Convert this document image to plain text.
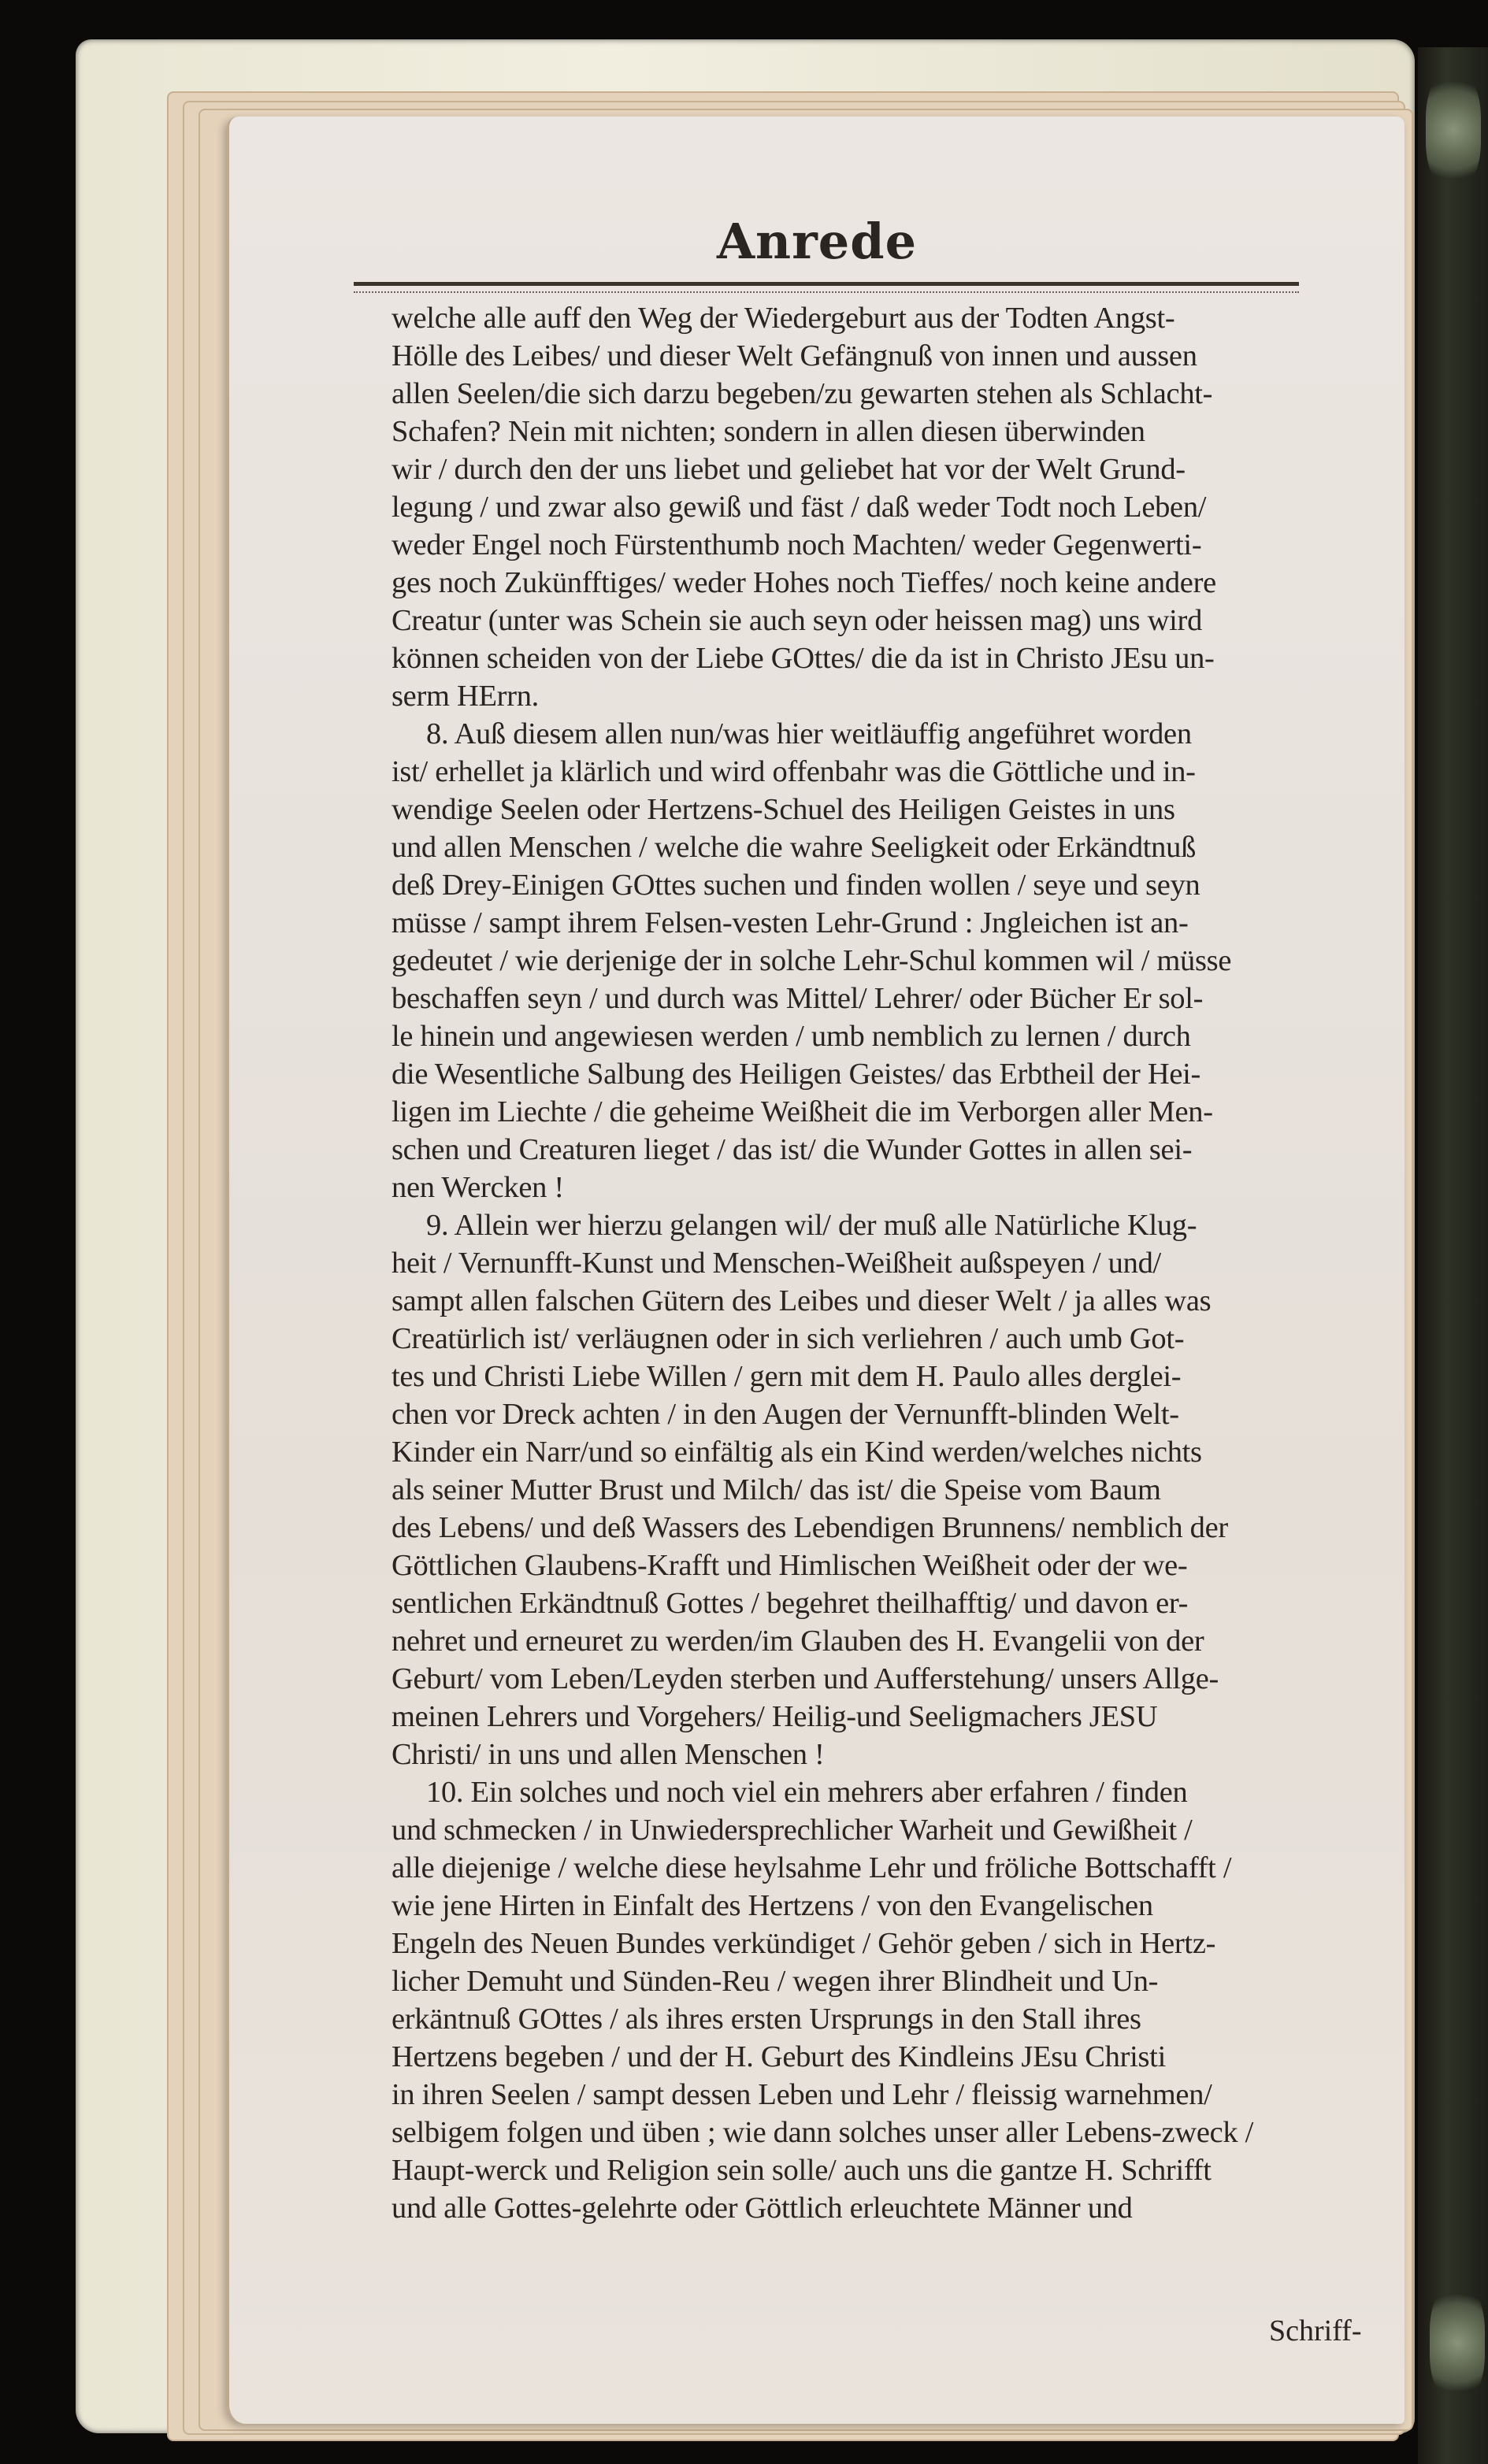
Anrede
welche alle auff den Weg der Wiedergeburt aus der Todten Angst-
Hölle des Leibes/ und dieser Welt Gefängnuß von innen und aussen
allen Seelen/die sich darzu begeben/zu gewarten stehen als Schlacht-
Schafen? Nein mit nichten; sondern in allen diesen überwinden
wir / durch den der uns liebet und geliebet hat vor der Welt Grund-
legung / und zwar also gewiß und fäst / daß weder Todt noch Leben/
weder Engel noch Fürstenthumb noch Machten/ weder Gegenwerti-
ges noch Zukünfftiges/ weder Hohes noch Tieffes/ noch keine andere
Creatur (unter was Schein sie auch seyn oder heissen mag) uns wird
können scheiden von der Liebe GOttes/ die da ist in Christo JEsu un-
serm HErrn.
8. Auß diesem allen nun/was hier weitläuffig angeführet worden
ist/ erhellet ja klärlich und wird offenbahr was die Göttliche und in-
wendige Seelen oder Hertzens-Schuel des Heiligen Geistes in uns
und allen Menschen / welche die wahre Seeligkeit oder Erkändtnuß
deß Drey-Einigen GOttes suchen und finden wollen / seye und seyn
müsse / sampt ihrem Felsen-vesten Lehr-Grund : Jngleichen ist an-
gedeutet / wie derjenige der in solche Lehr-Schul kommen wil / müsse
beschaffen seyn / und durch was Mittel/ Lehrer/ oder Bücher Er sol-
le hinein und angewiesen werden / umb nemblich zu lernen / durch
die Wesentliche Salbung des Heiligen Geistes/ das Erbtheil der Hei-
ligen im Liechte / die geheime Weißheit die im Verborgen aller Men-
schen und Creaturen lieget / das ist/ die Wunder Gottes in allen sei-
nen Wercken !
9. Allein wer hierzu gelangen wil/ der muß alle Natürliche Klug-
heit / Vernunfft-Kunst und Menschen-Weißheit außspeyen / und/
sampt allen falschen Gütern des Leibes und dieser Welt / ja alles was
Creatürlich ist/ verläugnen oder in sich verliehren / auch umb Got-
tes und Christi Liebe Willen / gern mit dem H. Paulo alles derglei-
chen vor Dreck achten / in den Augen der Vernunfft-blinden Welt-
Kinder ein Narr/und so einfältig als ein Kind werden/welches nichts
als seiner Mutter Brust und Milch/ das ist/ die Speise vom Baum
des Lebens/ und deß Wassers des Lebendigen Brunnens/ nemblich der
Göttlichen Glaubens-Krafft und Himlischen Weißheit oder der we-
sentlichen Erkändtnuß Gottes / begehret theilhafftig/ und davon er-
nehret und erneuret zu werden/im Glauben des H. Evangelii von der
Geburt/ vom Leben/Leyden sterben und Aufferstehung/ unsers Allge-
meinen Lehrers und Vorgehers/ Heilig-und Seeligmachers JESU
Christi/ in uns und allen Menschen !
10. Ein solches und noch viel ein mehrers aber erfahren / finden
und schmecken / in Unwiedersprechlicher Warheit und Gewißheit /
alle diejenige / welche diese heylsahme Lehr und fröliche Bottschafft /
wie jene Hirten in Einfalt des Hertzens / von den Evangelischen
Engeln des Neuen Bundes verkündiget / Gehör geben / sich in Hertz-
licher Demuht und Sünden-Reu / wegen ihrer Blindheit und Un-
erkäntnuß GOttes / als ihres ersten Ursprungs in den Stall ihres
Hertzens begeben / und der H. Geburt des Kindleins JEsu Christi
in ihren Seelen / sampt dessen Leben und Lehr / fleissig warnehmen/
selbigem folgen und üben ; wie dann solches unser aller Lebens-zweck /
Haupt-werck und Religion sein solle/ auch uns die gantze H. Schrifft
und alle Gottes-gelehrte oder Göttlich erleuchtete Männer und
Schriff-
